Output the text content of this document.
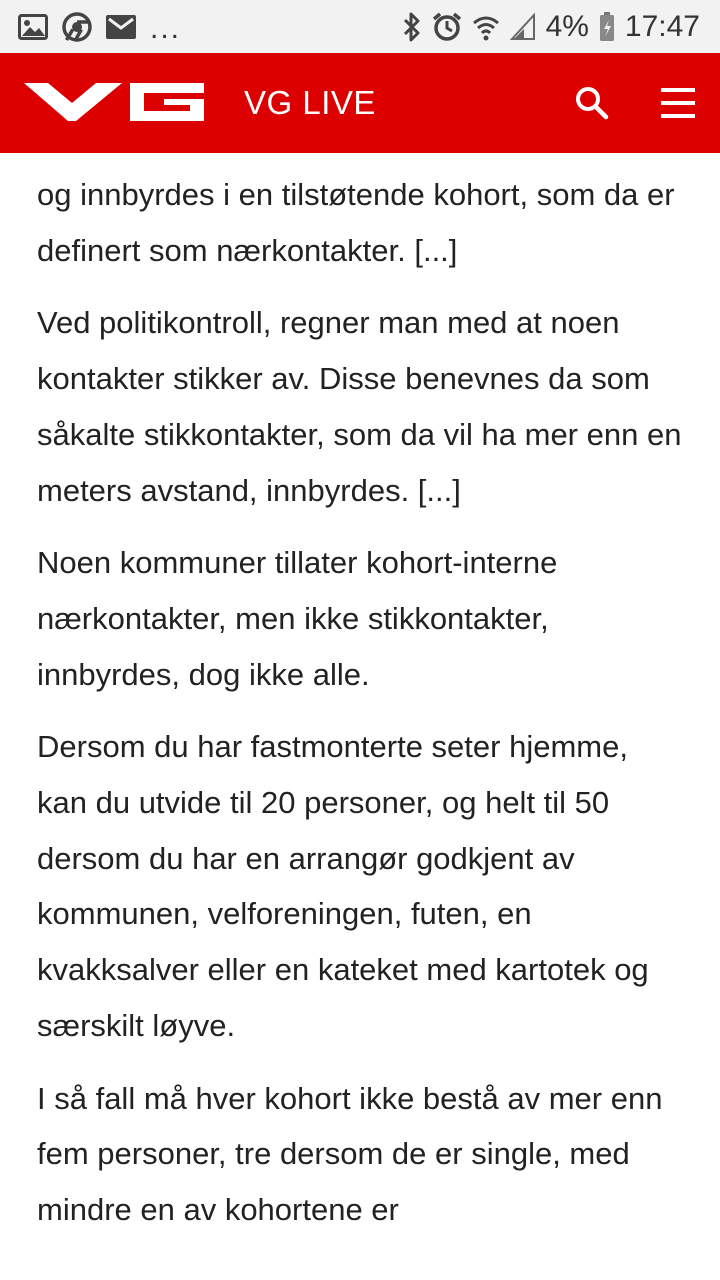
...	4% 17:47
VG LIVE

og innbyrdes i en tilstøtende kohort, som da er definert som nærkontakter. [...]

Ved politikontroll, regner man med at noen kontakter stikker av. Disse benevnes da som såkalte stikkontakter, som da vil ha mer enn en meters avstand, innbyrdes. [...]

Noen kommuner tillater kohort-interne nærkontakter, men ikke stikkontakter, innbyrdes, dog ikke alle.

Dersom du har fastmonterte seter hjemme, kan du utvide til 20 personer, og helt til 50 dersom du har en arrangør godkjent av kommunen, velforeningen, futen, en kvakksalver eller en kateket med kartotek og særskilt løyve.

I så fall må hver kohort ikke bestå av mer enn fem personer, tre dersom de er single, med mindre en av kohortene er
